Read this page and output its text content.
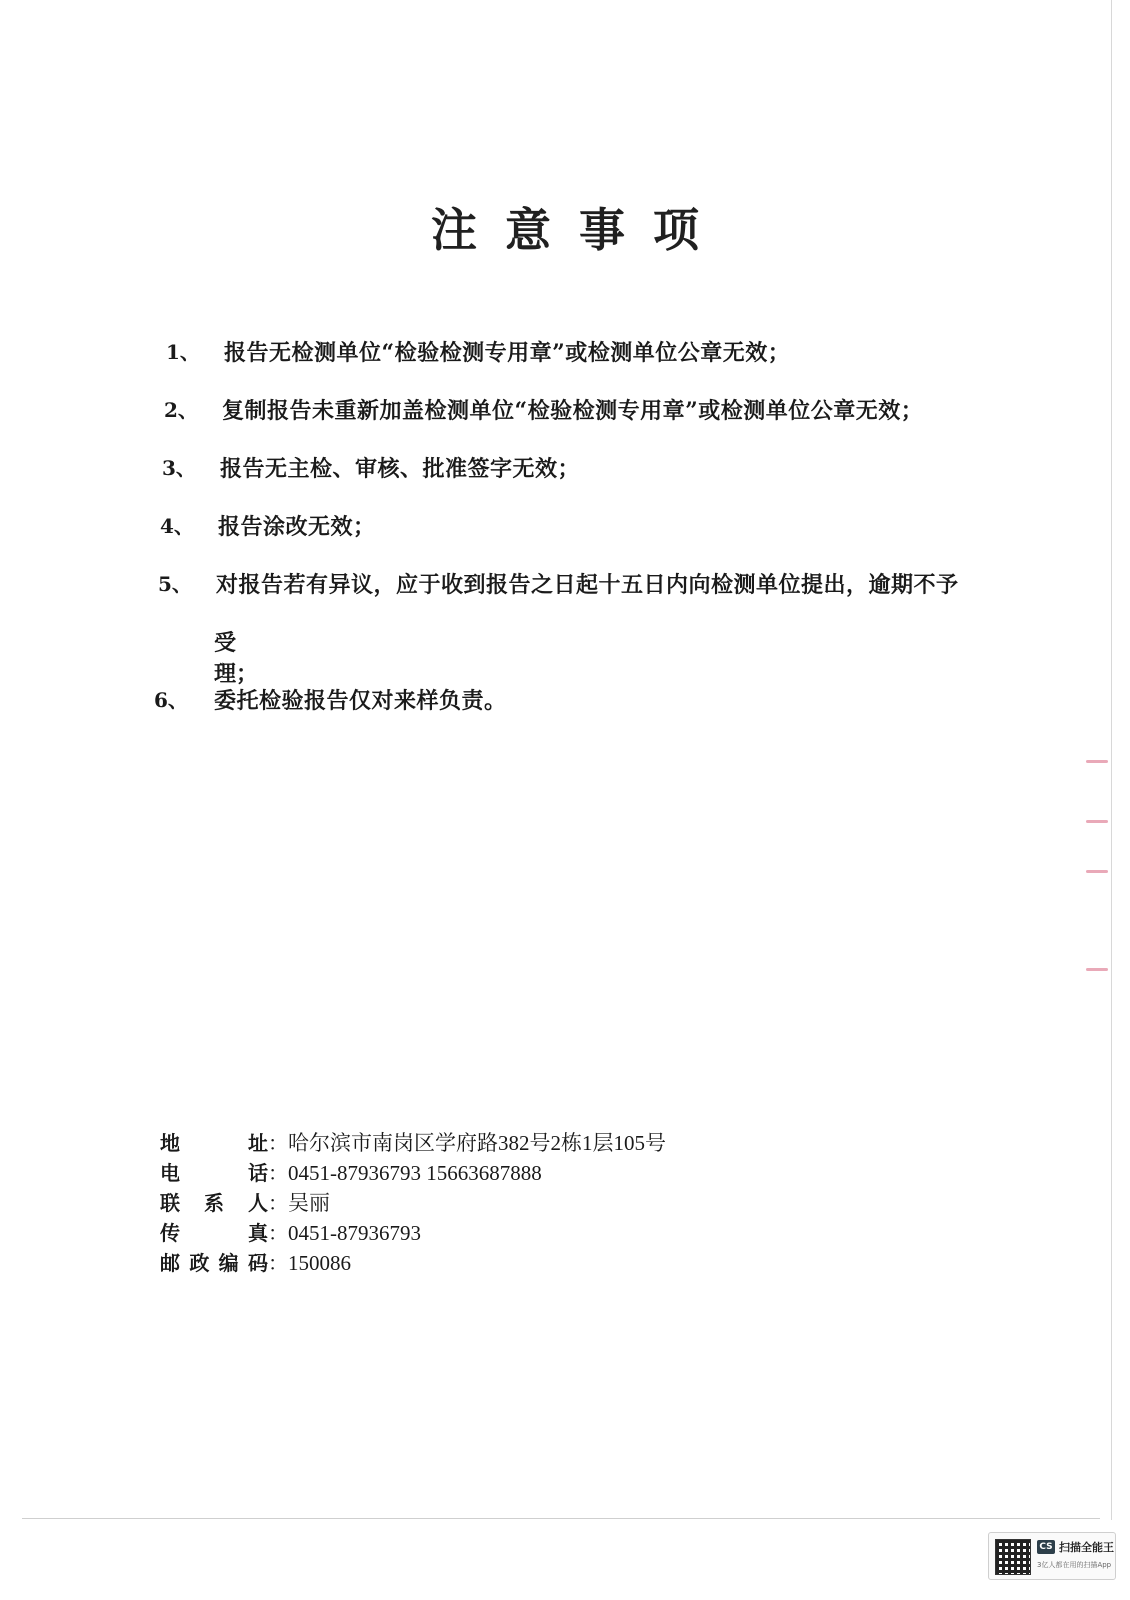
注意事项
1、 报告无检测单位“检验检测专用章”或检测单位公章无效；
2、 复制报告未重新加盖检测单位“检验检测专用章”或检测单位公章无效；
3、 报告无主检、审核、批准签字无效；
4、 报告涂改无效；
5、 对报告若有异议，应于收到报告之日起十五日内向检测单位提出，逾期不予
受理；
6、 委托检验报告仅对来样负责。
地址：哈尔滨市南岗区学府路382号2栋1层105号
电话：0451-87936793 15663687888
联系人：吴丽
传真：0451-87936793
邮政编码：150086
CS 扫描全能王
3亿人都在用的扫描App
